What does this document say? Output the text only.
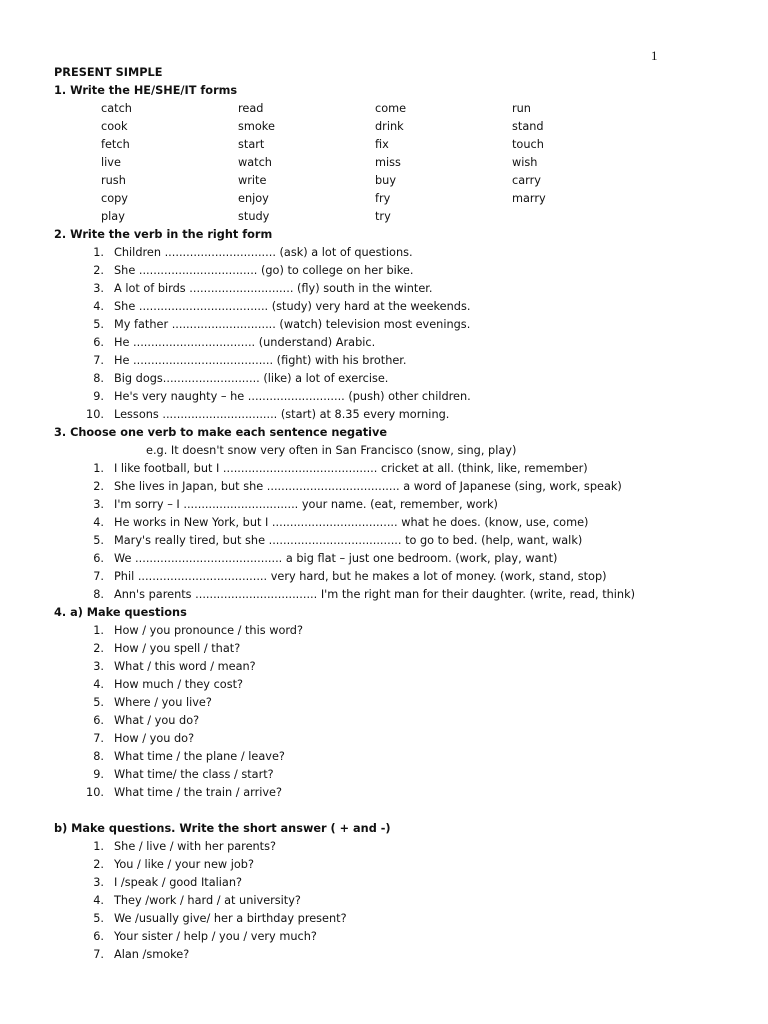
1
PRESENT SIMPLE
1. Write the HE/SHE/IT forms
catch	read	come	run
cook	smoke	drink	stand
fetch	start	fix	touch
live	watch	miss	wish
rush	write	buy	carry
copy	enjoy	fry	marry
play	study	try
2. Write the verb in the right form
1. Children ............................... (ask) a lot of questions.
2. She ................................. (go) to college on her bike.
3. A lot of birds ............................. (fly) south in the winter.
4. She .................................... (study) very hard at the weekends.
5. My father ............................. (watch) television most evenings.
6. He .................................. (understand) Arabic.
7. He ....................................... (fight) with his brother.
8. Big dogs........................... (like) a lot of exercise.
9. He's very naughty – he ........................... (push) other children.
10. Lessons ................................ (start) at 8.35 every morning.
3. Choose one verb to make each sentence negative
e.g. It doesn't snow very often in San Francisco (snow, sing, play)
1. I like football, but I ........................................... cricket at all. (think, like, remember)
2. She lives in Japan, but she ..................................... a word of Japanese (sing, work, speak)
3. I'm sorry – I ................................ your name. (eat, remember, work)
4. He works in New York, but I ................................... what he does. (know, use, come)
5. Mary's really tired, but she ..................................... to go to bed. (help, want, walk)
6. We ......................................... a big flat – just one bedroom. (work, play, want)
7. Phil .................................... very hard, but he makes a lot of money. (work, stand, stop)
8. Ann's parents .................................. I'm the right man for their daughter. (write, read, think)
4. a) Make questions
1. How / you pronounce / this word?
2. How / you spell / that?
3. What / this word / mean?
4. How much / they cost?
5. Where / you live?
6. What / you do?
7. How / you do?
8. What time / the plane / leave?
9. What time/ the class / start?
10. What time / the train / arrive?
b) Make questions. Write the short answer ( + and -)
1. She / live / with her parents?
2. You / like / your new job?
3. I /speak / good Italian?
4. They /work / hard / at university?
5. We /usually give/ her a birthday present?
6. Your sister / help / you / very much?
7. Alan /smoke?
